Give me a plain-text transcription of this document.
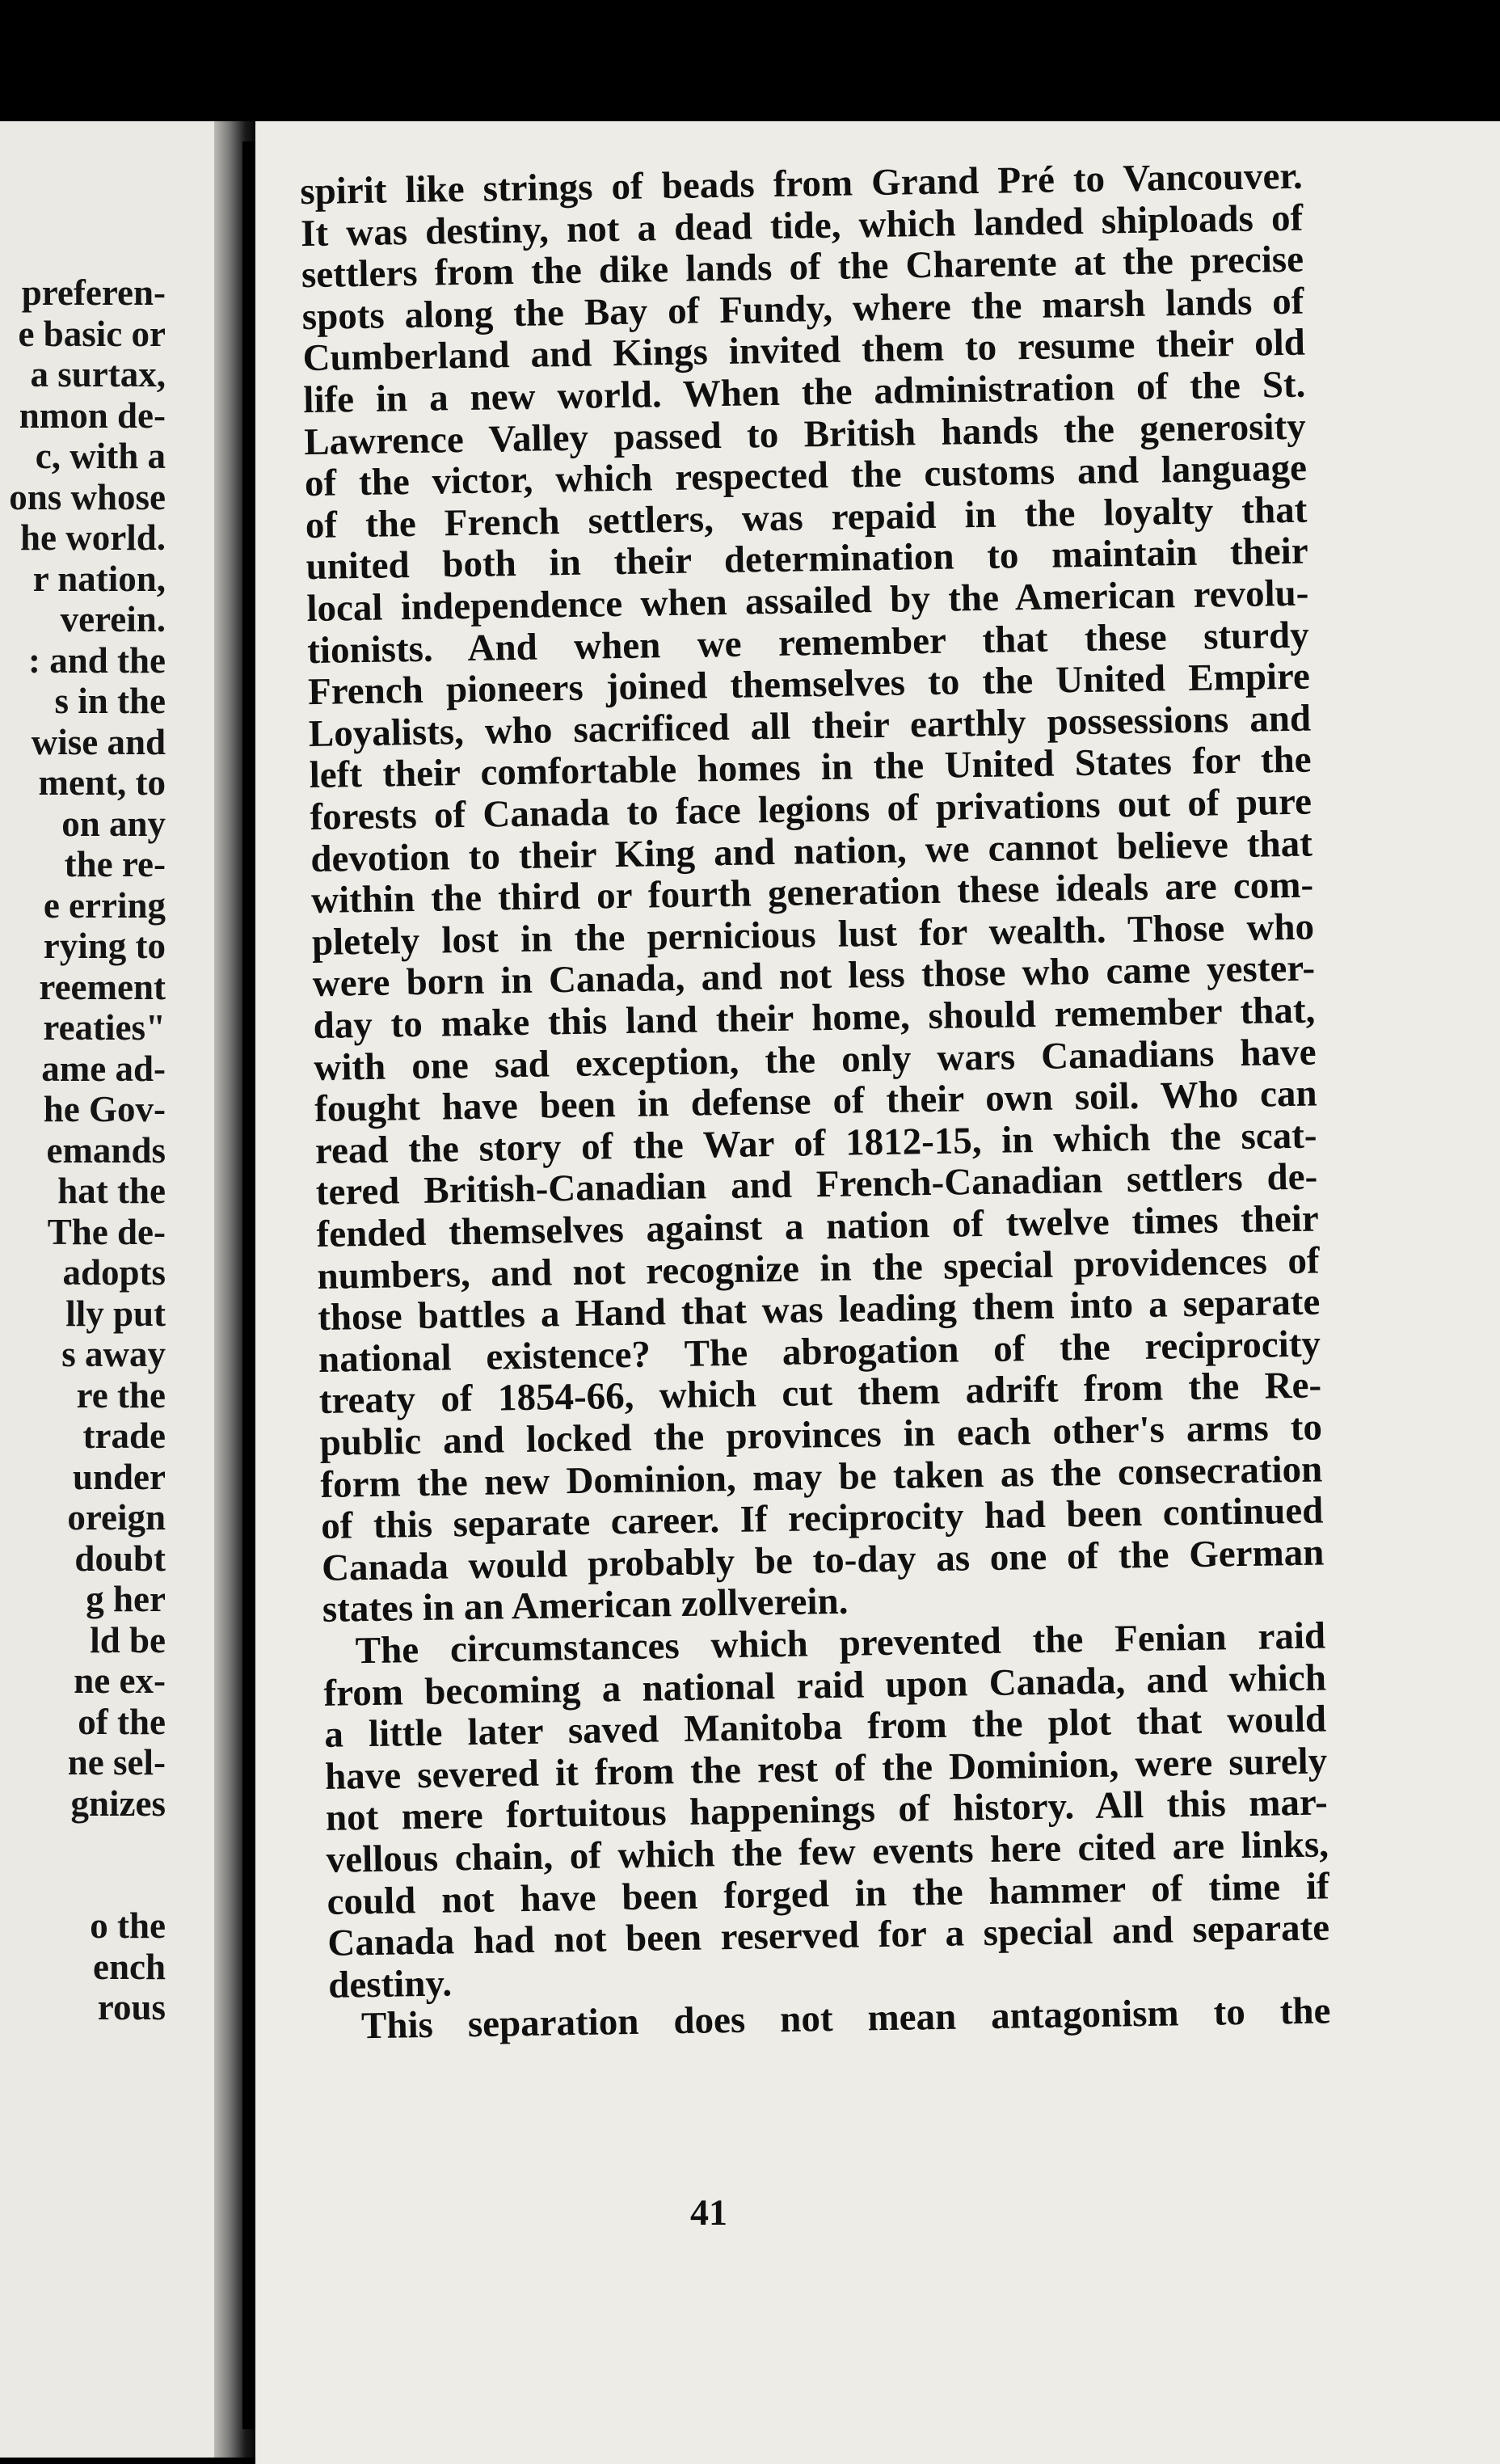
preferen-
e basic or
a surtax,
nmon de-
c, with a
ons whose
he world.
r nation,
verein.
: and the
s in the
wise and
ment, to
on any
the re-
e erring
rying to
reement
reaties"
ame ad-
he Gov-
emands
hat the
The de-
adopts
lly put
s away
re the
trade
under
oreign
doubt
g her
ld be
ne ex-
of the
ne sel-
gnizes
o the
ench
rous
spirit like strings of beads from Grand Pré to Vancouver.
It was destiny, not a dead tide, which landed shiploads of
settlers from the dike lands of the Charente at the precise
spots along the Bay of Fundy, where the marsh lands of
Cumberland and Kings invited them to resume their old
life in a new world. When the administration of the St.
Lawrence Valley passed to British hands the generosity
of the victor, which respected the customs and language
of the French settlers, was repaid in the loyalty that
united both in their determination to maintain their
local independence when assailed by the American revolu-
tionists. And when we remember that these sturdy
French pioneers joined themselves to the United Empire
Loyalists, who sacrificed all their earthly possessions and
left their comfortable homes in the United States for the
forests of Canada to face legions of privations out of pure
devotion to their King and nation, we cannot believe that
within the third or fourth generation these ideals are com-
pletely lost in the pernicious lust for wealth. Those who
were born in Canada, and not less those who came yester-
day to make this land their home, should remember that,
with one sad exception, the only wars Canadians have
fought have been in defense of their own soil. Who can
read the story of the War of 1812-15, in which the scat-
tered British-Canadian and French-Canadian settlers de-
fended themselves against a nation of twelve times their
numbers, and not recognize in the special providences of
those battles a Hand that was leading them into a separate
national existence? The abrogation of the reciprocity
treaty of 1854-66, which cut them adrift from the Re-
public and locked the provinces in each other's arms to
form the new Dominion, may be taken as the consecration
of this separate career. If reciprocity had been continued
Canada would probably be to-day as one of the German
states in an American zollverein.
The circumstances which prevented the Fenian raid
from becoming a national raid upon Canada, and which
a little later saved Manitoba from the plot that would
have severed it from the rest of the Dominion, were surely
not mere fortuitous happenings of history. All this mar-
vellous chain, of which the few events here cited are links,
could not have been forged in the hammer of time if
Canada had not been reserved for a special and separate
destiny.
This separation does not mean antagonism to the
41
